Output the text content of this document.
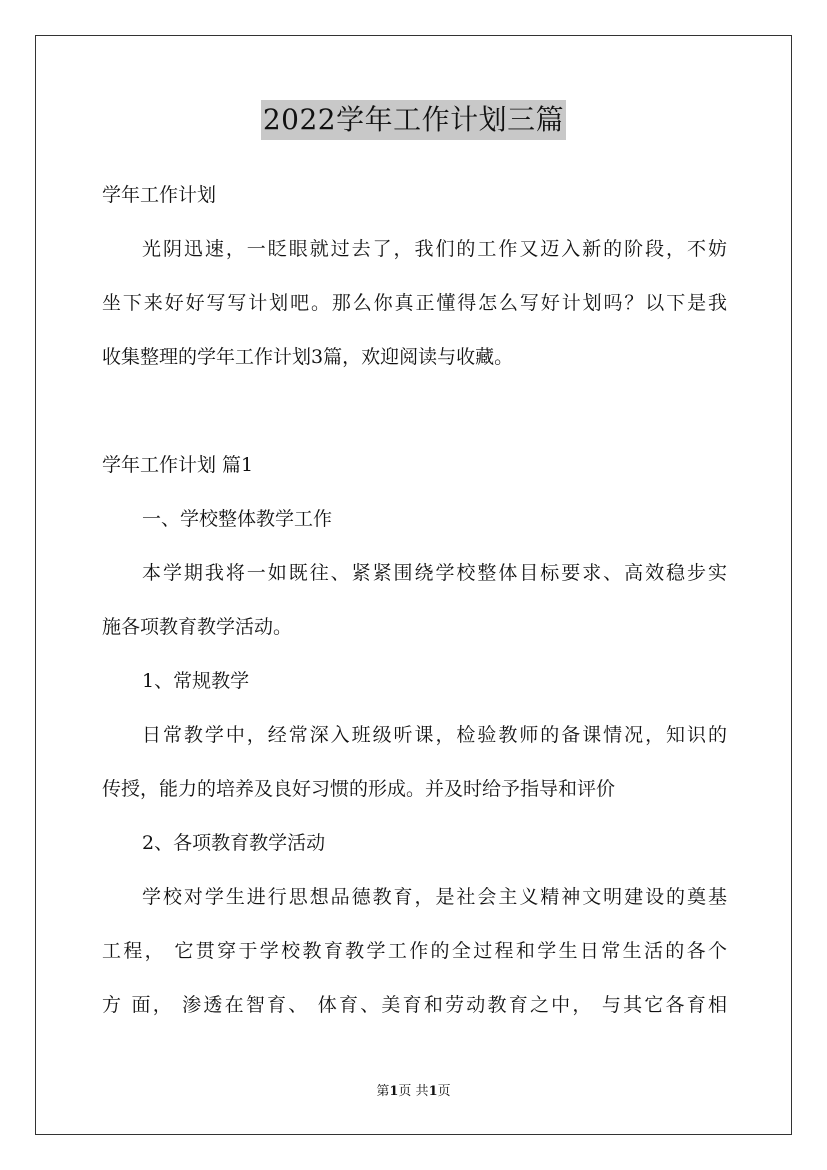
2022学年工作计划三篇
学年工作计划
光阴迅速，一眨眼就过去了，我们的工作又迈入新的阶段，不妨
坐下来好好写写计划吧。那么你真正懂得怎么写好计划吗？以下是我
收集整理的学年工作计划3篇，欢迎阅读与收藏。
学年工作计划 篇1
一、学校整体教学工作
本学期我将一如既往、紧紧围绕学校整体目标要求、高效稳步实
施各项教育教学活动。
1、常规教学
日常教学中，经常深入班级听课，检验教师的备课情况，知识的
传授，能力的培养及良好习惯的形成。并及时给予指导和评价
2、各项教育教学活动
学校对学生进行思想品德教育，是社会主义精神文明建设的奠基
工程， 它贯穿于学校教育教学工作的全过程和学生日常生活的各个
方 面， 渗透在智育、 体育、美育和劳动教育之中， 与其它各育相
第1页 共1页
